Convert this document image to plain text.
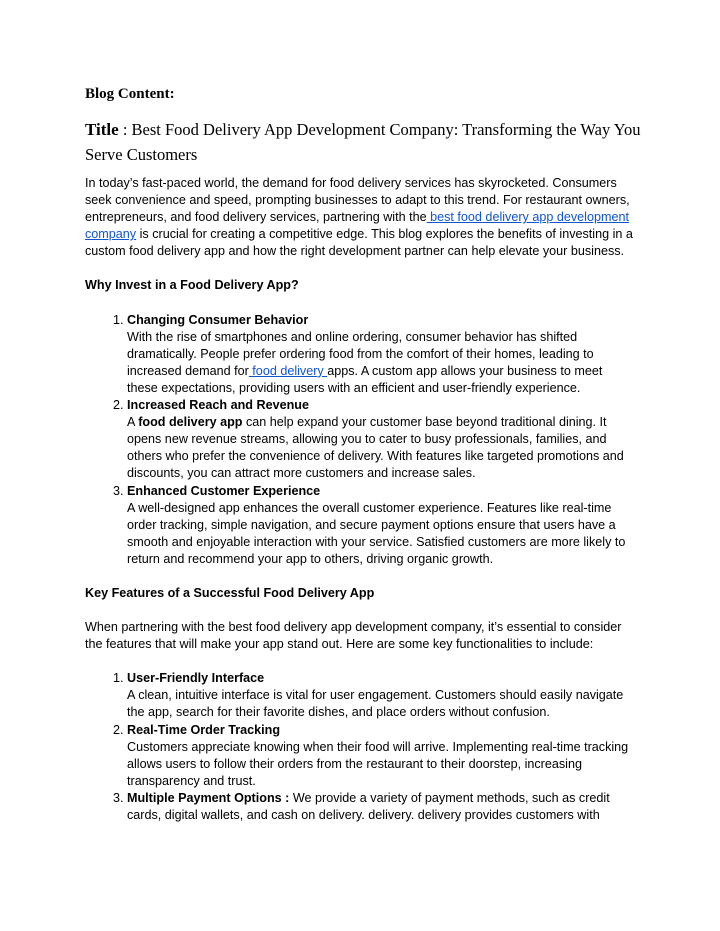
Blog Content:
Title : Best Food Delivery App Development Company: Transforming the Way You Serve Customers

In today’s fast-paced world, the demand for food delivery services has skyrocketed. Consumers seek convenience and speed, prompting businesses to adapt to this trend. For restaurant owners, entrepreneurs, and food delivery services, partnering with the best food delivery app development company is crucial for creating a competitive edge. This blog explores the benefits of investing in a custom food delivery app and how the right development partner can help elevate your business.

Why Invest in a Food Delivery App?

1. Changing Consumer Behavior
With the rise of smartphones and online ordering, consumer behavior has shifted dramatically. People prefer ordering food from the comfort of their homes, leading to increased demand for food delivery apps. A custom app allows your business to meet these expectations, providing users with an efficient and user-friendly experience.
2. Increased Reach and Revenue
A food delivery app can help expand your customer base beyond traditional dining. It opens new revenue streams, allowing you to cater to busy professionals, families, and others who prefer the convenience of delivery. With features like targeted promotions and discounts, you can attract more customers and increase sales.
3. Enhanced Customer Experience
A well-designed app enhances the overall customer experience. Features like real-time order tracking, simple navigation, and secure payment options ensure that users have a smooth and enjoyable interaction with your service. Satisfied customers are more likely to return and recommend your app to others, driving organic growth.

Key Features of a Successful Food Delivery App

When partnering with the best food delivery app development company, it’s essential to consider the features that will make your app stand out. Here are some key functionalities to include:

1. User-Friendly Interface
A clean, intuitive interface is vital for user engagement. Customers should easily navigate the app, search for their favorite dishes, and place orders without confusion.
2. Real-Time Order Tracking
Customers appreciate knowing when their food will arrive. Implementing real-time tracking allows users to follow their orders from the restaurant to their doorstep, increasing transparency and trust.
3. Multiple Payment Options : We provide a variety of payment methods, such as credit cards, digital wallets, and cash on delivery. delivery. delivery provides customers with
